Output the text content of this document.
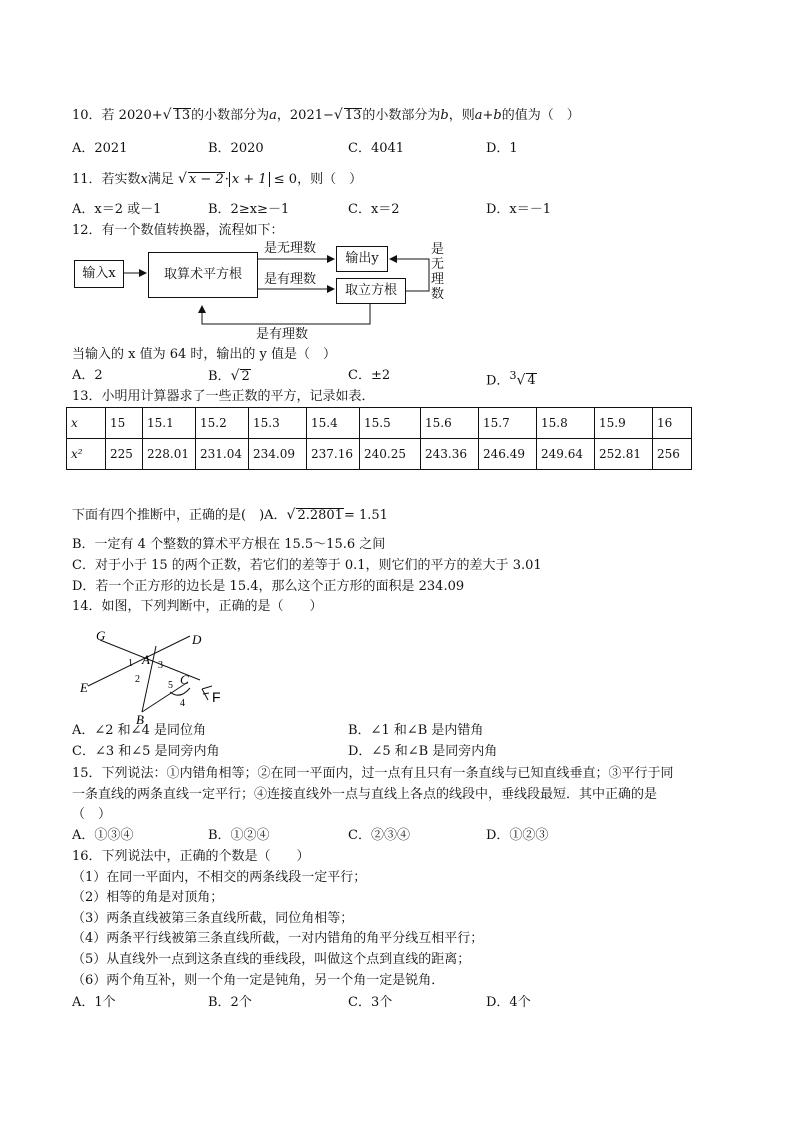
10．若 2020+√ 13的小数部分为a，2021−√ 13的小数部分为b，则a+b的值为（　）
A．2021	B．2020	C．4041	D．1
11．若实数x满足 √ x − 2· x + 1 ≤ 0，则（　）
A．x＝2 或－1	B．2≥x≥－1	C．x＝2	D．x＝－1
12．有一个数值转换器，流程如下：
输入x	取算术平方根
输出y
取立方根
是无理数
是有理数
是有理数
是
无
理
数
当输入的 x 值为 64 时，输出的 y 值是（　）
A．2	B．√ 2	C．±2	D．$^3$√ 4
13．小明用计算器求了一些正数的平方，记录如表．
x	15	15.1	15.2	15.3	15.4	15.5	15.6	15.7	15.8	15.9	16
x²	225	228.01	231.04	234.09	237.16	240.25	243.36	246.49	249.64	252.81	256
下面有四个推断中，正确的是(　)A．√ 2.2801= 1.51
B．一定有 4 个整数的算术平方根在 15.5～15.6 之间
C．对于小于 15 的两个正数，若它们的差等于 0.1，则它们的平方的差大于 3.01
D．若一个正方形的边长是 15.4，那么这个正方形的面积是 234.09
14．如图，下列判断中，正确的是（　　）
G	D
A
E
B
C
F
1
2
3
4
5
A．∠2 和∠4 是同位角	B．∠1 和∠B 是内错角
C．∠3 和∠5 是同旁内角	D．∠5 和∠B 是同旁内角
15．下列说法：①内错角相等；②在同一平面内，过一点有且只有一条直线与已知直线垂直；③平行于同
一条直线的两条直线一定平行；④连接直线外一点与直线上各点的线段中，垂线段最短．其中正确的是
（　）
A．①③④	B．①②④	C．②③④	D．①②③
16．下列说法中，正确的个数是（　　）
（1）在同一平面内，不相交的两条线段一定平行；
（2）相等的角是对顶角；
（3）两条直线被第三条直线所截，同位角相等；
（4）两条平行线被第三条直线所截，一对内错角的角平分线互相平行；
（5）从直线外一点到这条直线的垂线段，叫做这个点到直线的距离；
（6）两个角互补，则一个角一定是钝角，另一个角一定是锐角．
A．1个	B．2个	C．3个	D．4个
